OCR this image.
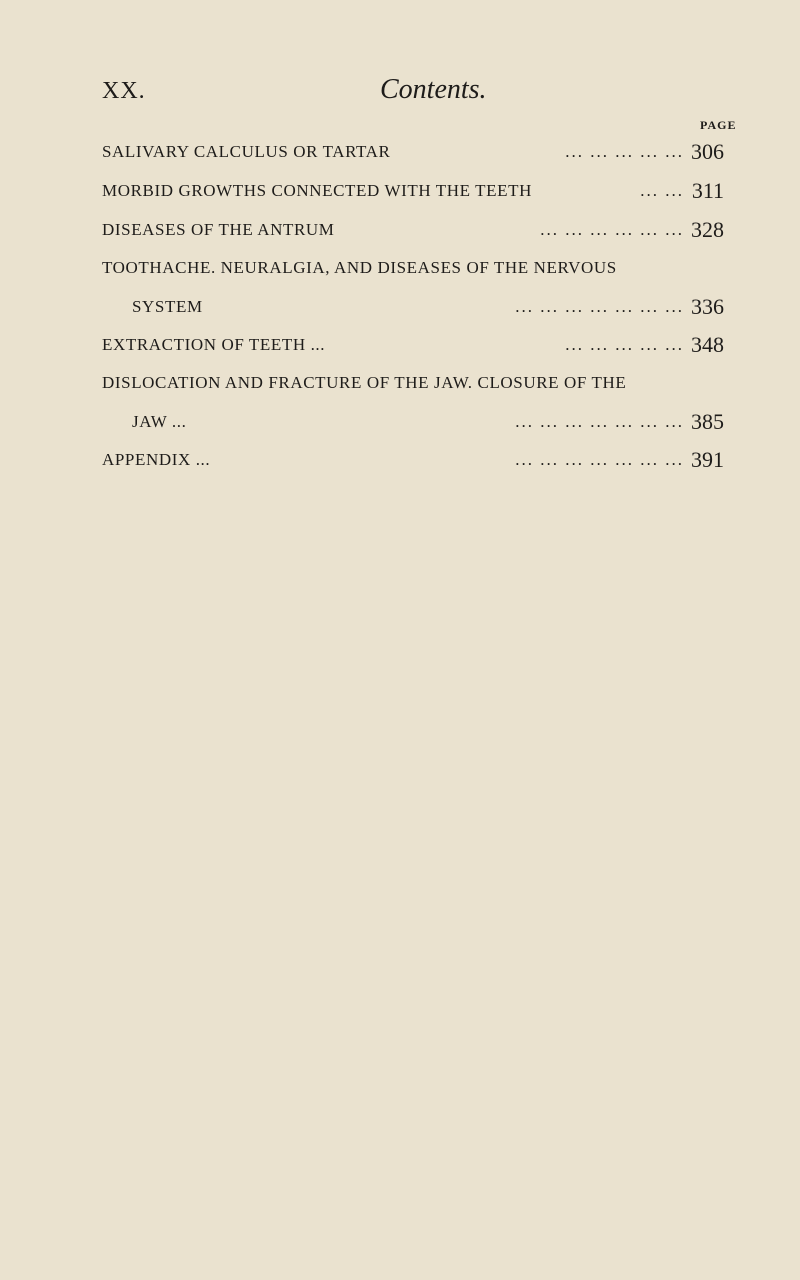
XX.	Contents.
PAGE
SALIVARY CALCULUS OR TARTAR	... ... ... ... ... 306
MORBID GROWTHS CONNECTED WITH THE TEETH	... ... 311
DISEASES OF THE ANTRUM	... ... ... ... ... ... 328
TOOTHACHE. NEURALGIA, AND DISEASES OF THE NERVOUS
SYSTEM	... ... ... ... ... ... ... 336
EXTRACTION OF TEETH ...	... ... ... ... ... 348
DISLOCATION AND FRACTURE OF THE JAW. CLOSURE OF THE
JAW ...	... ... ... ... ... ... ... 385
APPENDIX ...	... ... ... ... ... ... ... 391
